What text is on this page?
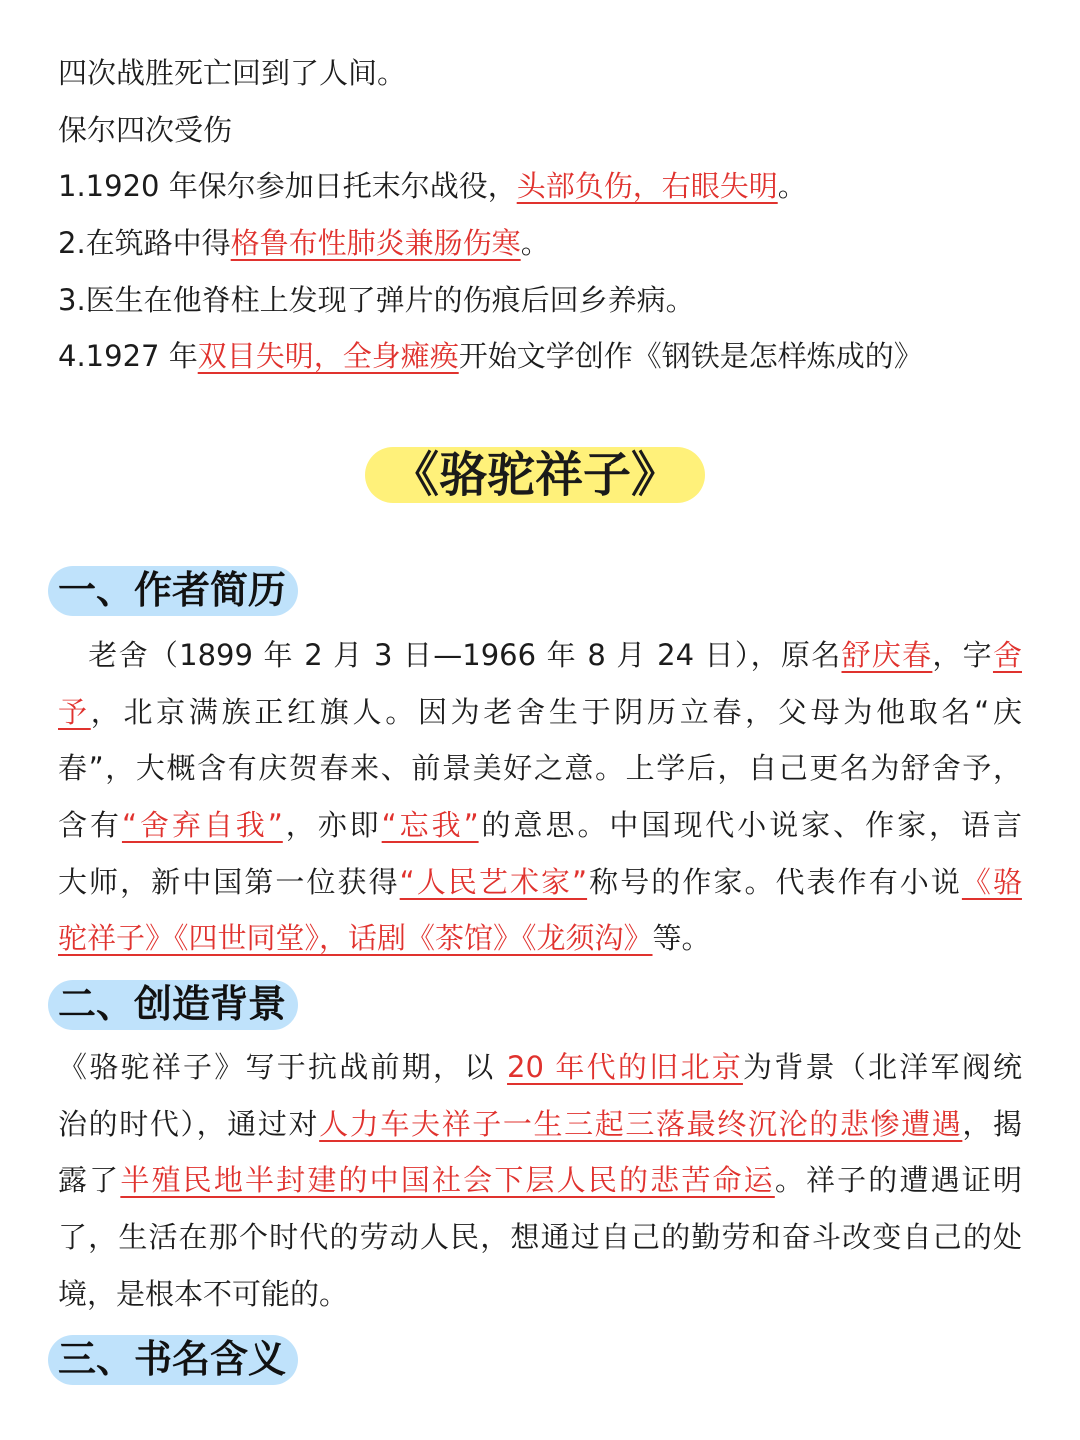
四次战胜死亡回到了人间。
保尔四次受伤
1.1920 年保尔参加日托末尔战役，头部负伤，右眼失明。
2.在筑路中得格鲁布性肺炎兼肠伤寒。
3.医生在他脊柱上发现了弹片的伤痕后回乡养病。
4.1927 年双目失明，全身瘫痪开始文学创作《钢铁是怎样炼成的》
《骆驼祥子》
一、作者简历
　老舍（1899 年 2 月 3 日—1966 年 8 月 24 日），原名舒庆春，字舍
予，北京满族正红旗人。因为老舍生于阴历立春，父母为他取名“庆
春”，大概含有庆贺春来、前景美好之意。上学后，自己更名为舒舍予，
含有“舍弃自我”，亦即“忘我”的意思。中国现代小说家、作家，语言
大师，新中国第一位获得“人民艺术家”称号的作家。代表作有小说《骆
驼祥子》《四世同堂》，话剧《茶馆》《龙须沟》等。
二、创造背景
《骆驼祥子》写于抗战前期，以 20 年代的旧北京为背景（北洋军阀统
治的时代），通过对人力车夫祥子一生三起三落最终沉沦的悲惨遭遇，揭
露了半殖民地半封建的中国社会下层人民的悲苦命运。祥子的遭遇证明
了，生活在那个时代的劳动人民，想通过自己的勤劳和奋斗改变自己的处
境，是根本不可能的。
三、书名含义
